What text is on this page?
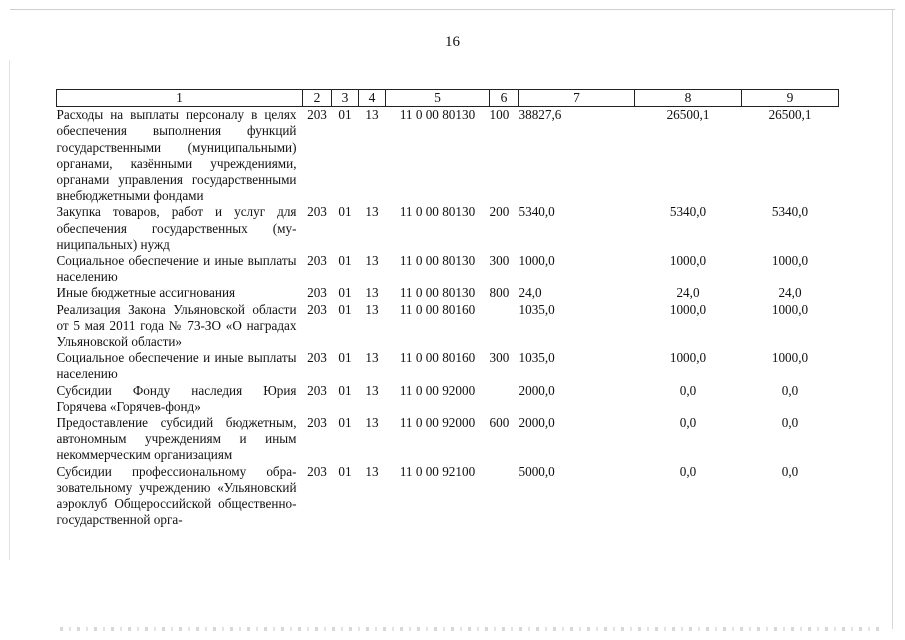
16
1	2	3	4	5	6	7	8	9
Расходы на выплаты персоналу в целях обеспечения выполнения функций государственными (муниципальными) органами, казёнными учреждениями, органами управления государственными внебюджетными фондами	203	01	13	11 0 00 80130	100	38827,6	26500,1	26500,1
Закупка товаров, работ и услуг для обеспечения государственных (муниципальных) нужд	203	01	13	11 0 00 80130	200	5340,0	5340,0	5340,0
Социальное обеспечение и иные выплаты населению	203	01	13	11 0 00 80130	300	1000,0	1000,0	1000,0
Иные бюджетные ассигнования	203	01	13	11 0 00 80130	800	24,0	24,0	24,0
Реализация Закона Ульяновской области от 5 мая 2011 года № 73-ЗО «О наградах Ульяновской области»	203	01	13	11 0 00 80160		1035,0	1000,0	1000,0
Социальное обеспечение и иные выплаты населению	203	01	13	11 0 00 80160	300	1035,0	1000,0	1000,0
Субсидии Фонду наследия Юрия Горячева «Горячев-фонд»	203	01	13	11 0 00 92000		2000,0	0,0	0,0
Предоставление субсидий бюджетным, автономным учреждениям и иным некоммерческим организациям	203	01	13	11 0 00 92000	600	2000,0	0,0	0,0
Субсидии профессиональному образовательному учреждению «Ульяновский аэроклуб Общероссийской общественно-государственной орга-	203	01	13	11 0 00 92100		5000,0	0,0	0,0
